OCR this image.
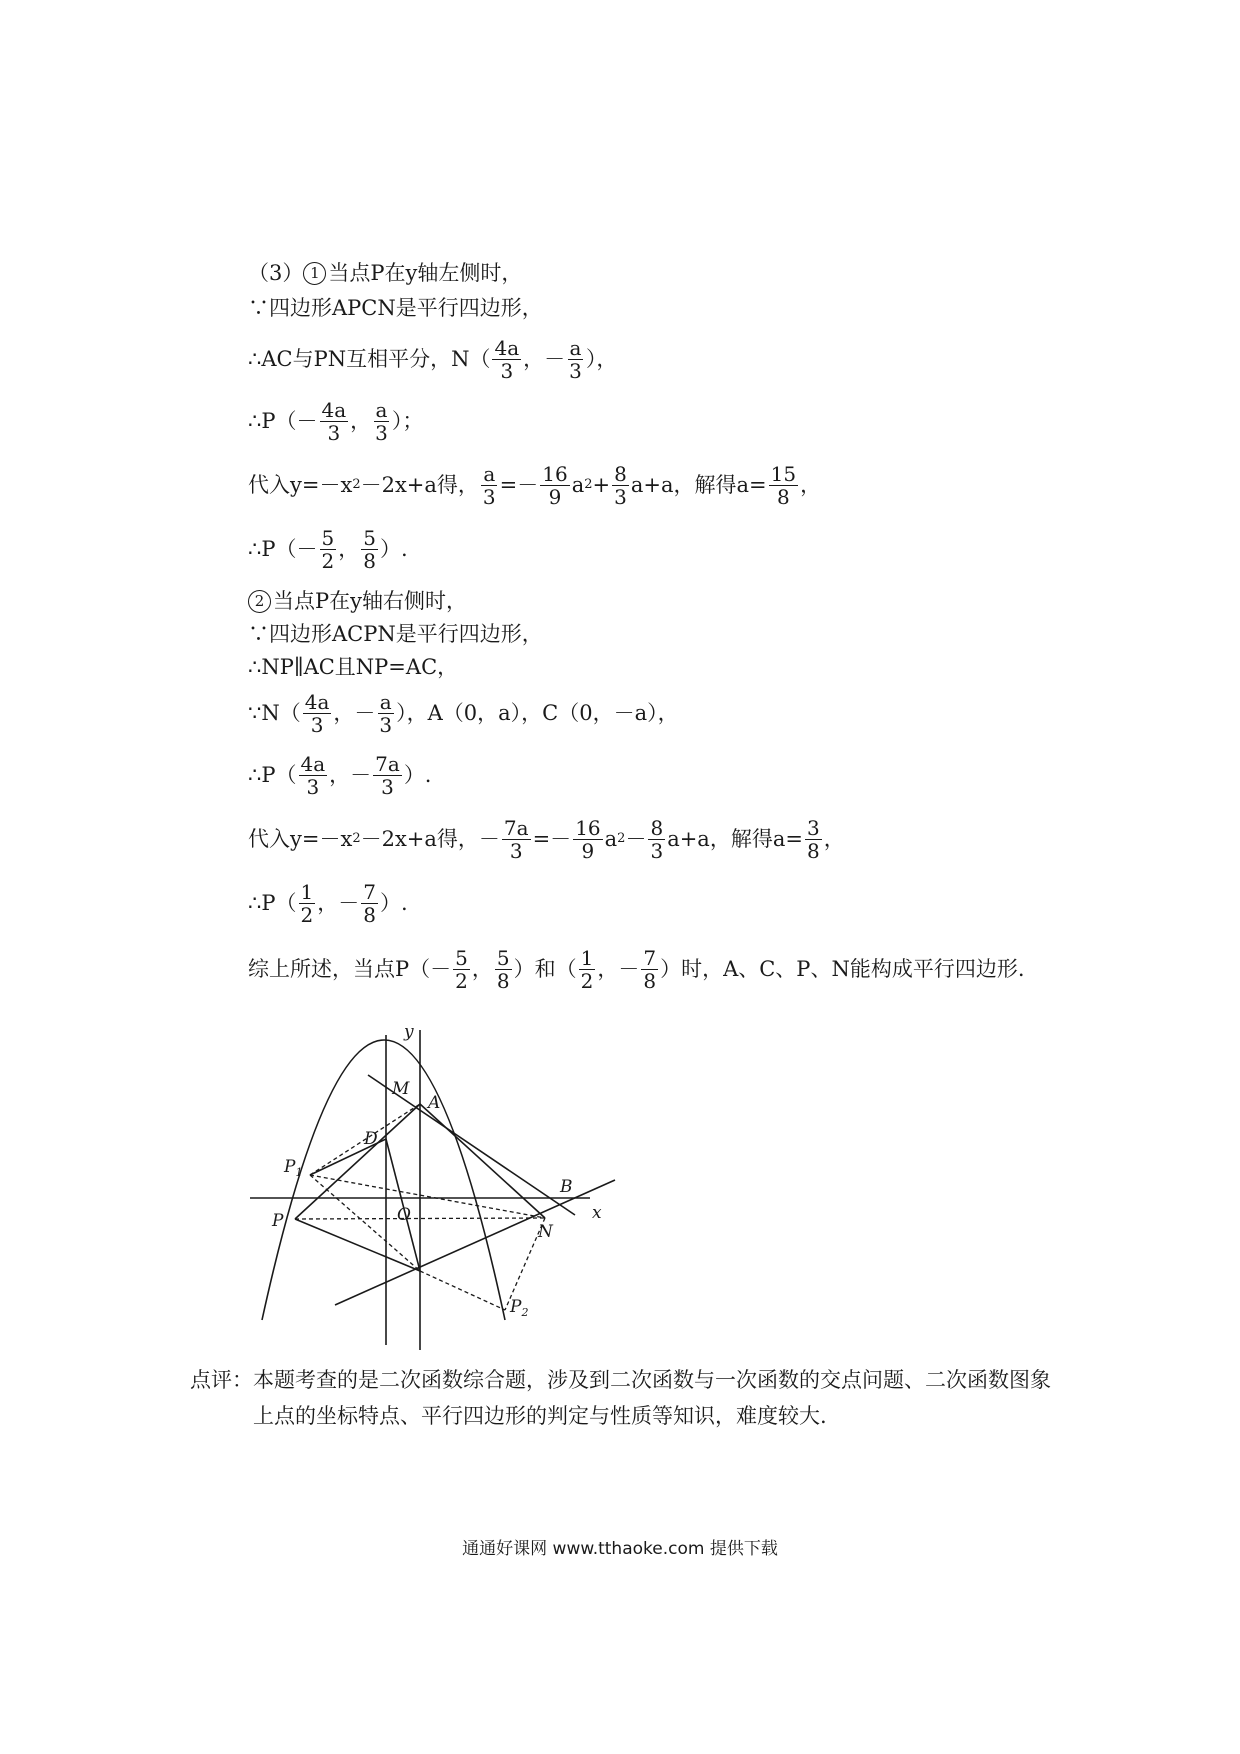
（3） 1 当点P在y轴左侧时，
∵四边形APCN是平行四边形，
∴AC与PN互相平分，$N( \frac{4a}{3}$ ，－ $\frac{a}{3}$ ），
∴P（－ $\frac{4a}{3}$ ， $\frac{a}{3}$ ）；
代入y=－x 2 －2x+a得， $\frac{a}{3} =- \frac{16}{9}$ a $2 + \frac{8}{3} a+a$，解得$a= \frac{15}{8}$ ，
∴P（－ $\frac{5}{2}$ ， $\frac{5}{8}$ ）.
2 当点P在y轴右侧时，
∵四边形ACPN是平行四边形，
∴NP∥AC且NP=AC，
∵N（ $\frac{4a}{3}$ ，－ $\frac{a}{3}$ ），A（0，a），C（0，－a），
∴P（ $\frac{4a}{3}$ ，－ $\frac{7a}{3}$ ）.
代入y=－x 2 －2x+a得，－ $\frac{7a}{3} =- \frac{16}{9}$ a $2 - \frac{8}{3} a+a$，解得$a= \frac{3}{8}$ ，
∴P（ $\frac{1}{2}$ ，－ $\frac{7}{8}$ ）.
综上所述，当点$P(- \frac{5}{2}$ ， $\frac{5}{8}$ ）和（ $\frac{1}{2}$ ，－ $\frac{7}{8}$ ）时，A、C、P、N能构成平行四边形.
y
x
M
A
D
$P_1$
B
O
P
N
$P_2$
点评： 本题考查的是二次函数综合题，涉及到二次函数与一次函数的交点问题、二次函数图象上点的坐标特点、平行四边形的判定与性质等知识，难度较大.
通通好课网 www.tthaoke.com 提供下载
